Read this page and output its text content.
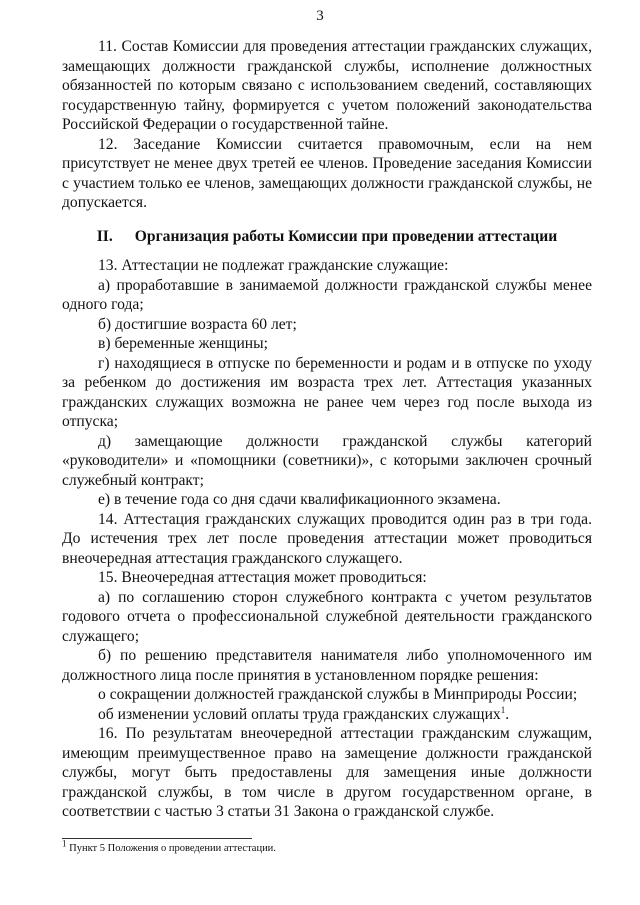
3

11. Состав Комиссии для проведения аттестации гражданских служащих, замещающих должности гражданской службы, исполнение должностных обязанностей по которым связано с использованием сведений, составляющих государственную тайну, формируется с учетом положений законодательства Российской Федерации о государственной тайне.

12. Заседание Комиссии считается правомочным, если на нем присутствует не менее двух третей ее членов. Проведение заседания Комиссии с участием только ее членов, замещающих должности гражданской службы, не допускается.

II. Организация работы Комиссии при проведении аттестации

13. Аттестации не подлежат гражданские служащие:

а) проработавшие в занимаемой должности гражданской службы менее одного года;

б) достигшие возраста 60 лет;

в) беременные женщины;

г) находящиеся в отпуске по беременности и родам и в отпуске по уходу за ребенком до достижения им возраста трех лет. Аттестация указанных гражданских служащих возможна не ранее чем через год после выхода из отпуска;

д) замещающие должности гражданской службы категорий «руководители» и «помощники (советники)», с которыми заключен срочный служебный контракт;

е) в течение года со дня сдачи квалификационного экзамена.

14. Аттестация гражданских служащих проводится один раз в три года. До истечения трех лет после проведения аттестации может проводиться внеочередная аттестация гражданского служащего.

15. Внеочередная аттестация может проводиться:

а) по соглашению сторон служебного контракта с учетом результатов годового отчета о профессиональной служебной деятельности гражданского служащего;

б) по решению представителя нанимателя либо уполномоченного им должностного лица после принятия в установленном порядке решения:

о сокращении должностей гражданской службы в Минприроды России;

об изменении условий оплаты труда гражданских служащих$^1$.

16. По результатам внеочередной аттестации гражданским служащим, имеющим преимущественное право на замещение должности гражданской службы, могут быть предоставлены для замещения иные должности гражданской службы, в том числе в другом государственном органе, в соответствии с частью 3 статьи 31 Закона о гражданской службе.

$^1$ Пункт 5 Положения о проведении аттестации.
